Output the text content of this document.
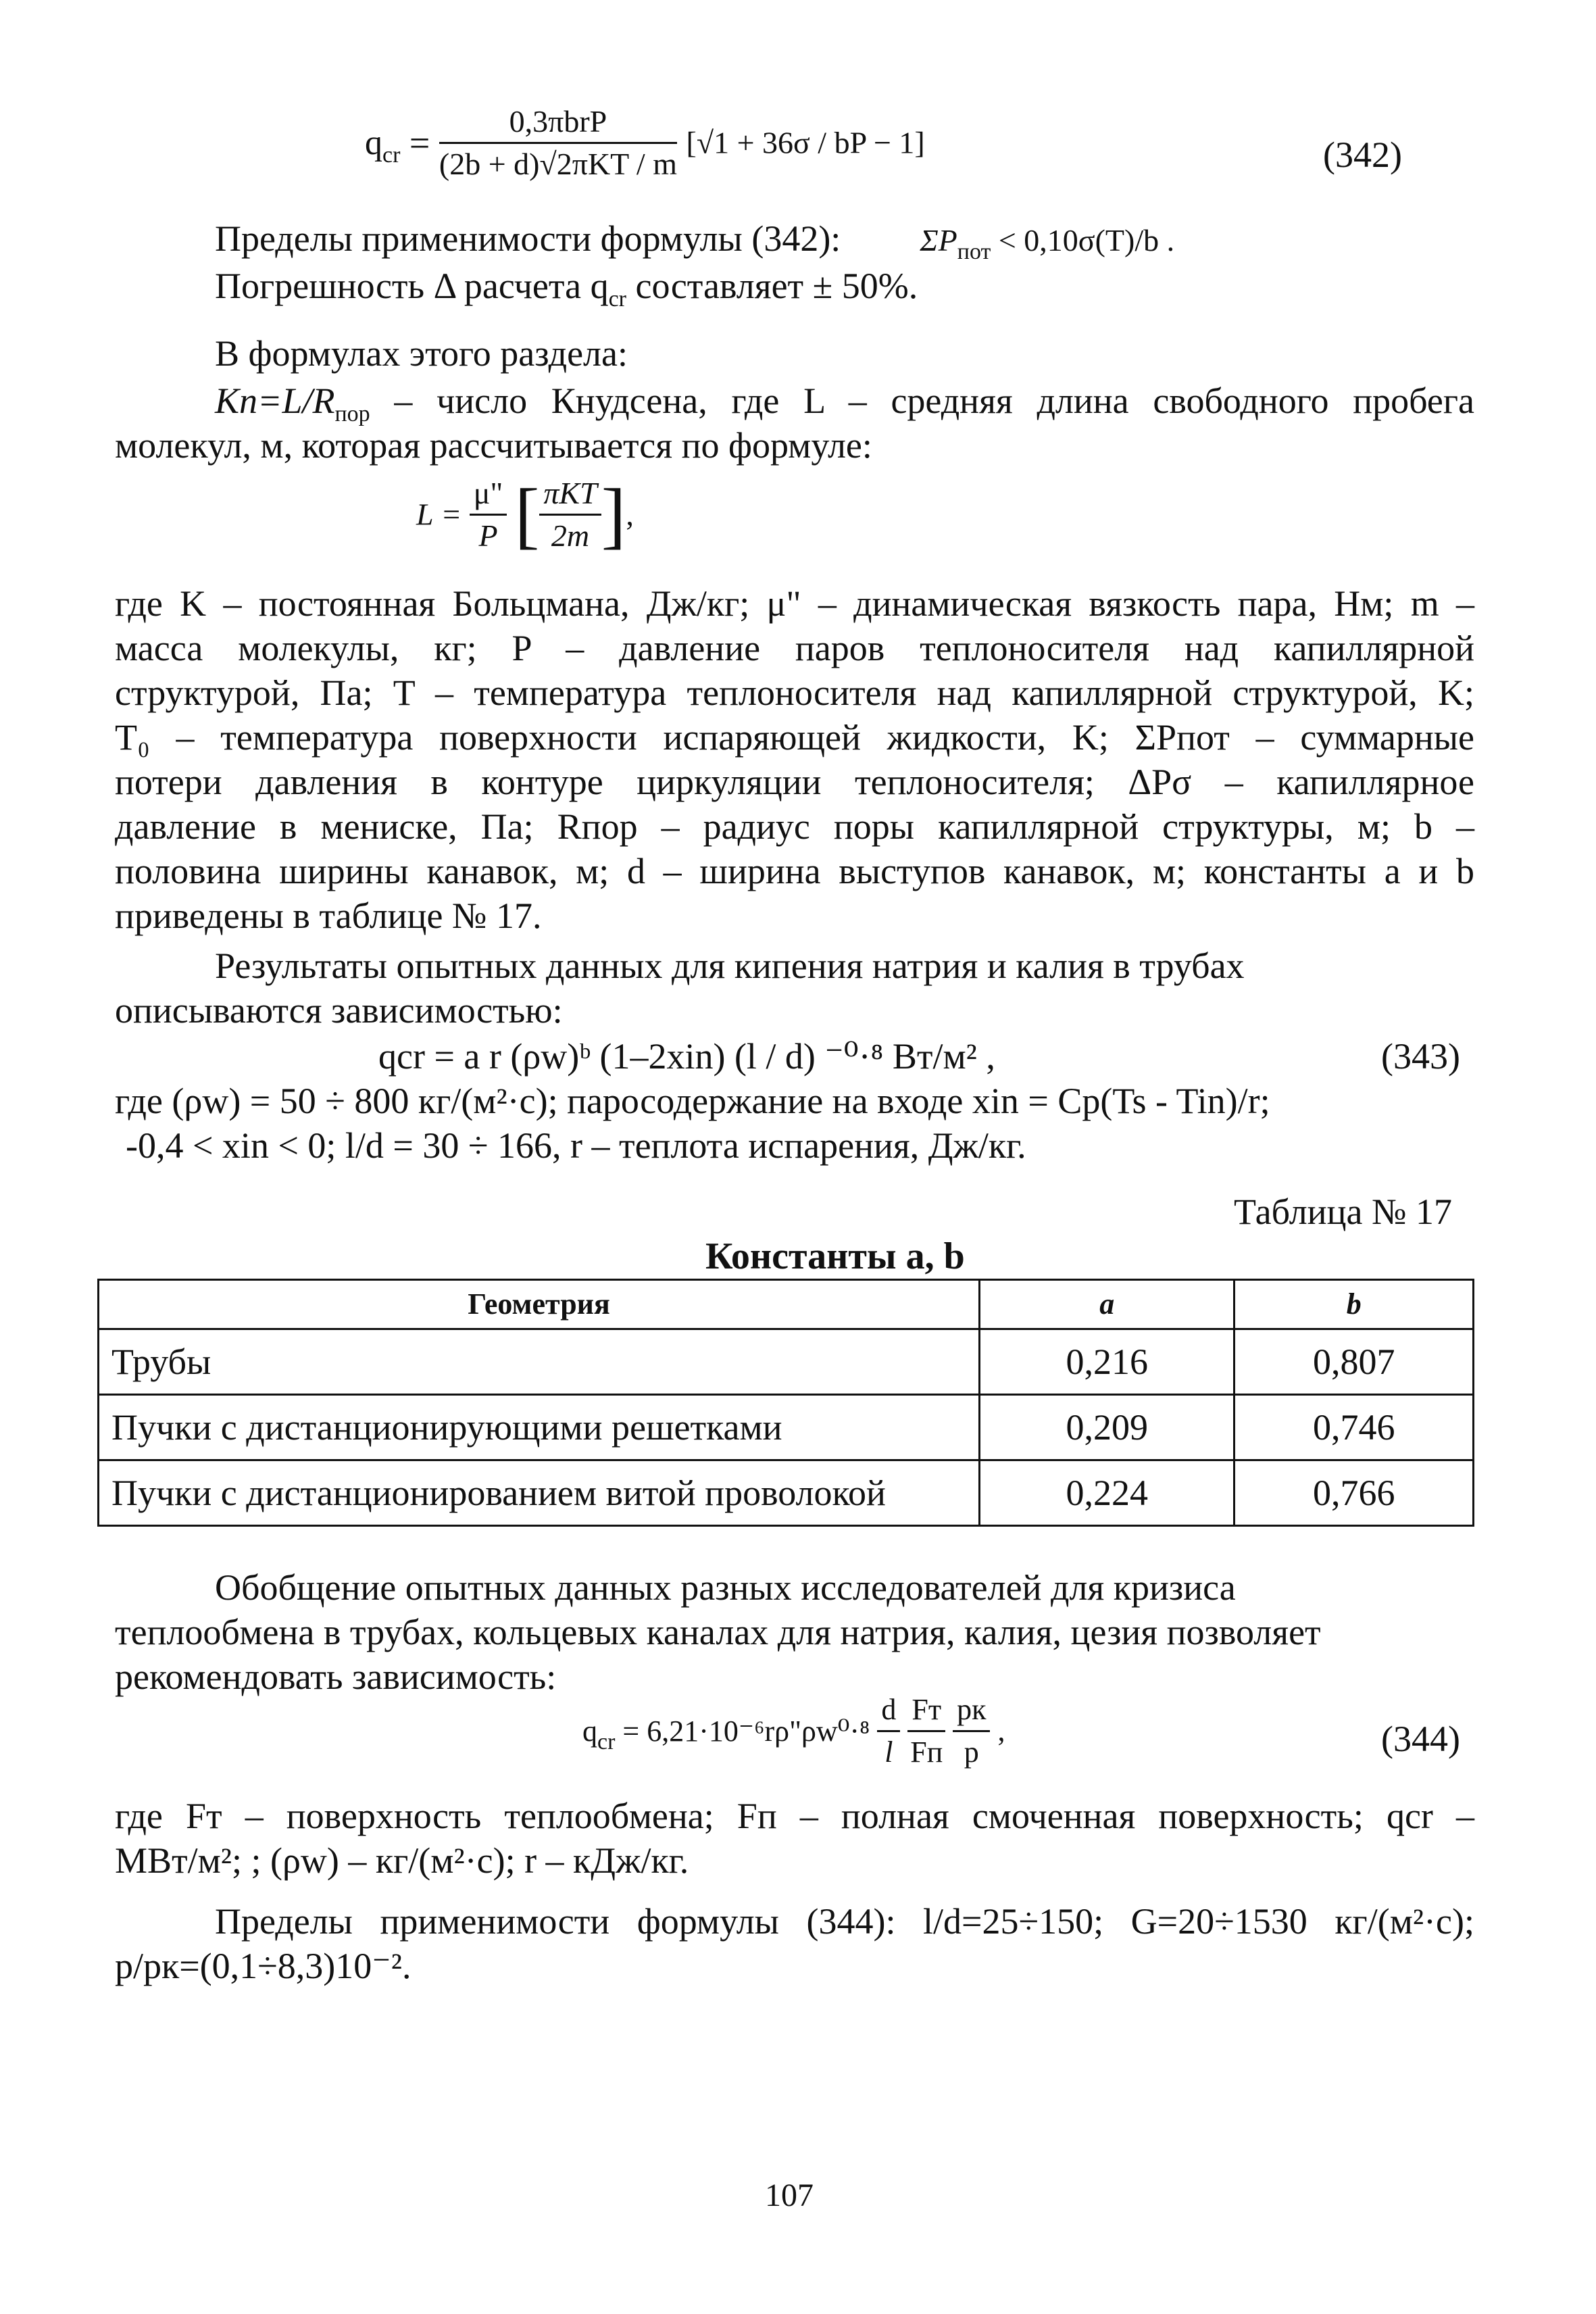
$q_{cr} = \frac{\text{0,3πbrP}}{\text{(2b + d)√2πKT / m}} [√1 + 36\sigma$ / bP − 1]	(342)
Пределы применимости формулы (342):	$\Sigma P_{пот} < 0,10\sigma(T)/b$ .
Погрешность Δ расчета $q_{cr}$ составляет ± 50%.
В формулах этого раздела:
$Kn=L/R_{пор}$ – число Кнудсена, где L – средняя длина свободного пробега
молекул, м, которая рассчитывается по формуле:
$L = \frac{\mu"}{P}$ [ $\frac{\text{πKT}}{2m}$ ],
где K – постоянная Больцмана, Дж/кг; μ" – динамическая вязкость пара, Нм; m –
масса молекулы, кг; P – давление паров теплоносителя над капиллярной
структурой, Па; T – температура теплоносителя над капиллярной структурой, K;
T₀ – температура поверхности испаряющей жидкости, K; ΣPпот – суммарные
потери давления в контуре циркуляции теплоносителя; ΔPσ – капиллярное
давление в мениске, Па; Rпор – радиус поры капиллярной структуры, м; b –
половина ширины канавок, м; d – ширина выступов канавок, м; константы a и b
приведены в таблице № 17.
Результаты опытных данных для кипения натрия и калия в трубах
описываются зависимостью:
qcr = a r (ρw)ᵇ (1–2xin) (l / d) ⁻⁰·⁸ Вт/м² ,	(343)
где (ρw) = 50 ÷ 800 кг/(м²·с); паросодержание на входе xin = Cp(Ts - Tin)/r;
-0,4 < xin < 0; l/d = 30 ÷ 166, r – теплота испарения, Дж/кг.
Таблица № 17
Константы a, b
Геометрия	a	b
Трубы	0,216	0,807
Пучки с дистанционирующими решетками	0,209	0,746
Пучки с дистанционированием витой проволокой	0,224	0,766
Обобщение опытных данных разных исследователей для кризиса
теплообмена в трубах, кольцевых каналах для натрия, калия, цезия позволяет
рекомендовать зависимость:
$q_{cr}$ = 6,21·10⁻⁶rρ"ρw⁰·⁸ $\frac{d}{l}$
$\frac{Fт}{Fп}$
$\frac{pк}{p}$ ,	(344)
где Fт – поверхность теплообмена; Fп – полная смоченная поверхность; qcr –
МВт/м²; ; (ρw) – кг/(м²·с); r – кДж/кг.
Пределы применимости формулы (344): l/d=25÷150; G=20÷1530 кг/(м²·с);
p/pк=(0,1÷8,3)10⁻².
107
